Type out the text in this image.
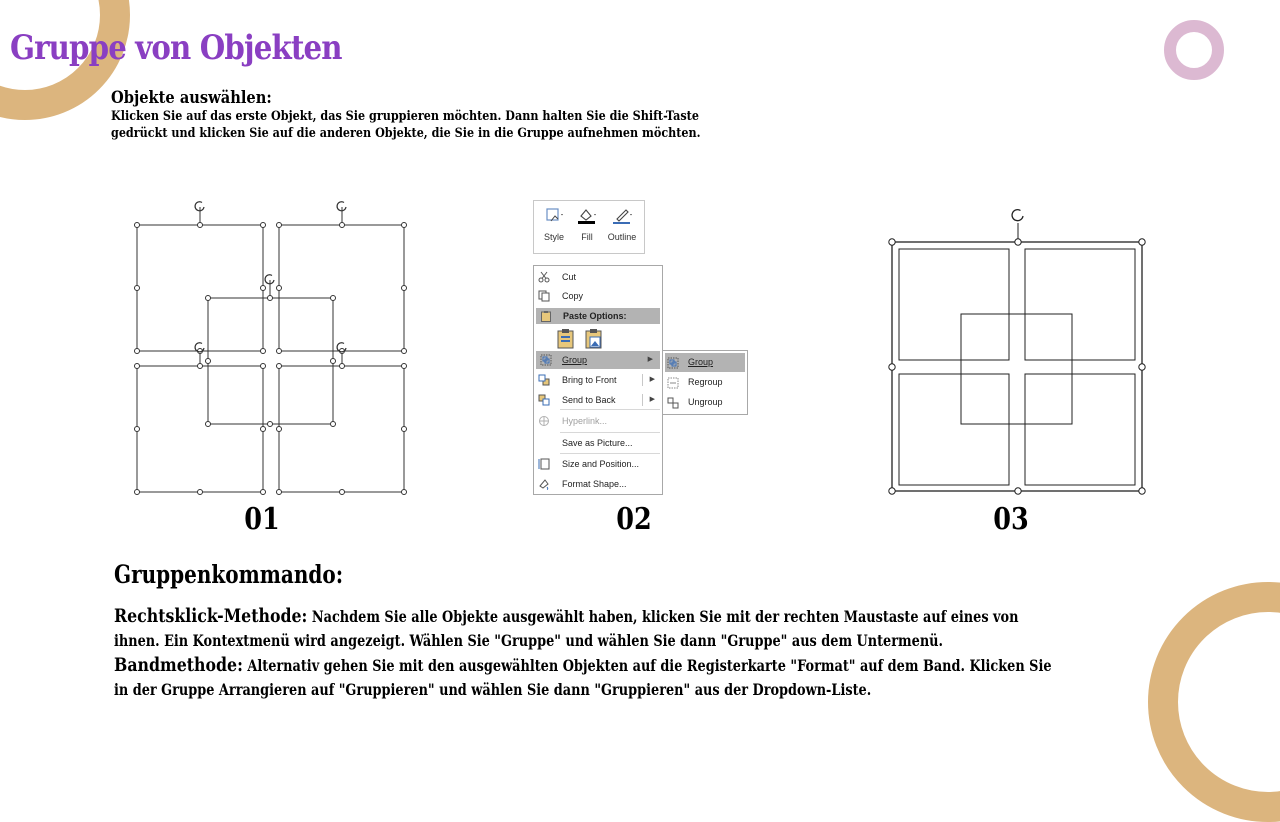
Gruppe von Objekten
Objekte auswählen:
Klicken Sie auf das erste Objekt, das Sie gruppieren möchten. Dann halten Sie die Shift-Taste gedrückt und klicken Sie auf die anderen Objekte, die Sie in die Gruppe aufnehmen möchten.
Style	Fill	Outline
Cut
Copy
Paste Options:
Group	▶
Bring to Front	▶
Send to Back	▶
Hyperlink...
Save as Picture...
Size and Position...
Format Shape...
Group
Regroup
Ungroup
01	02	03
Gruppenkommando:

Rechtsklick-Methode: Nachdem Sie alle Objekte ausgewählt haben, klicken Sie mit der rechten Maustaste auf eines von ihnen. Ein Kontextmenü wird angezeigt. Wählen Sie "Gruppe" und wählen Sie dann "Gruppe" aus dem Untermenü.

Bandmethode: Alternativ gehen Sie mit den ausgewählten Objekten auf die Registerkarte "Format" auf dem Band. Klicken Sie in der Gruppe Arrangieren auf "Gruppieren" und wählen Sie dann "Gruppieren" aus der Dropdown-Liste.
